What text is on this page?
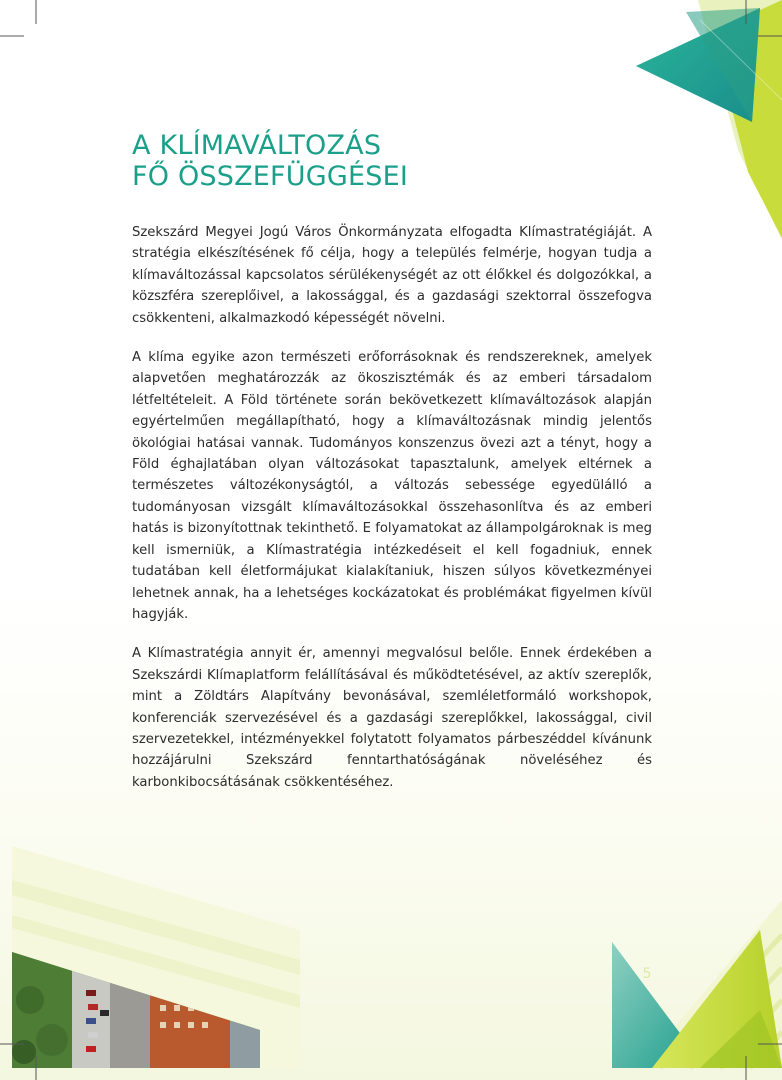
A KLÍMAVÁLTOZÁS
FŐ ÖSSZEFÜGGÉSEI

Szekszárd Megyei Jogú Város Önkormányzata elfogadta Klímastratégiáját. A stratégia elkészítésének fő célja, hogy a település felmérje, hogyan tudja a klímaváltozással kapcsolatos sérülékenységét az ott élőkkel és dolgozókkal, a közszféra szereplőivel, a lakossággal, és a gazdasági szektorral összefogva csökkenteni, alkalmazkodó képességét növelni.

A klíma egyike azon természeti erőforrásoknak és rendszereknek, amelyek alapvetően meghatározzák az ökoszisztémák és az emberi társadalom létfeltételeit. A Föld története során bekövetkezett klímaváltozások alapján egyértelműen megállapítható, hogy a klímaváltozásnak mindig jelentős ökológiai hatásai vannak. Tudományos konszenzus övezi azt a tényt, hogy a Föld éghajlatában olyan változásokat tapasztalunk, amelyek eltérnek a természetes változékonyságtól, a változás sebessége egyedülálló a tudományosan vizsgált klímaváltozásokkal összehasonlítva és az emberi hatás is bizonyítottnak tekinthető. E folyamatokat az állampolgároknak is meg kell ismerniük, a Klímastratégia intézkedéseit el kell fogadniuk, ennek tudatában kell életformájukat kialakítaniuk, hiszen súlyos következményei lehetnek annak, ha a lehetséges kockázatokat és problémákat figyelmen kívül hagyják.

A Klímastratégia annyit ér, amennyi megvalósul belőle. Ennek érdekében a Szekszárdi Klímaplatform felállításával és működtetésével, az aktív szereplők, mint a Zöldtárs Alapítvány bevonásával, szemléletformáló workshopok, konferenciák szervezésével és a gazdasági szereplőkkel, lakossággal, civil szervezetekkel, intézményekkel folytatott folyamatos párbeszéddel kívánunk hozzájárulni Szekszárd fenntarthatóságának növeléséhez és karbonkibocsátásának csökkentéséhez.

5
